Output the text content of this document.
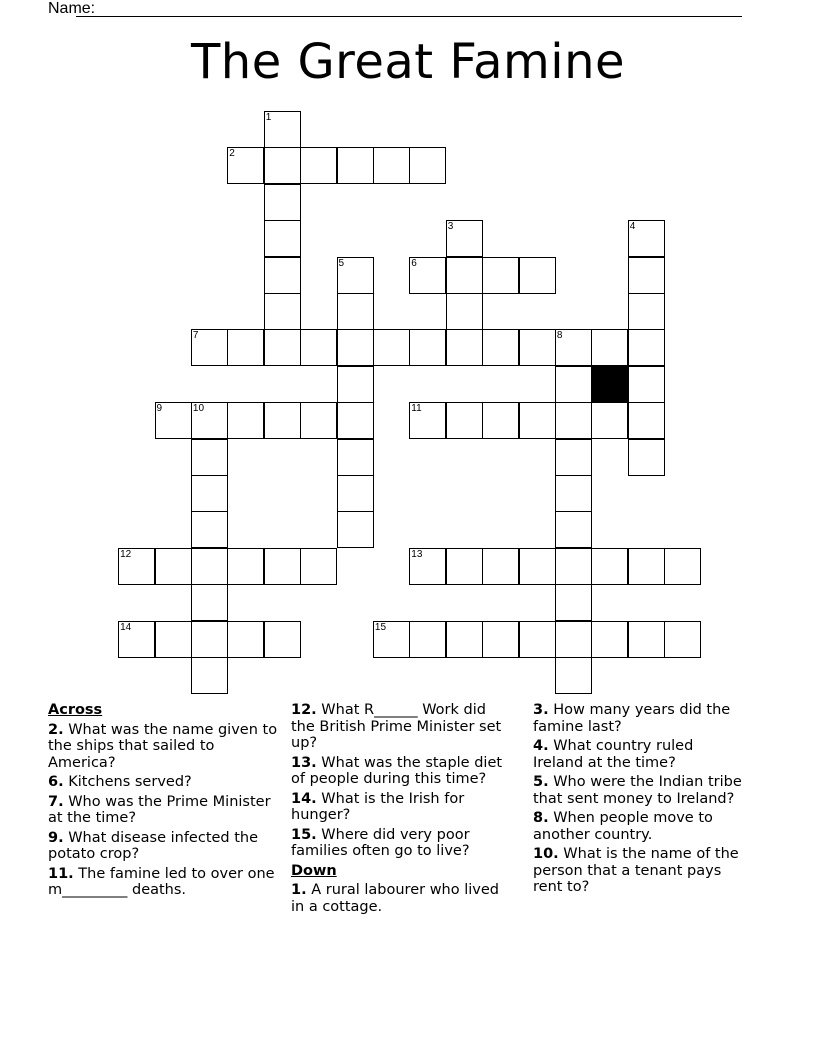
Name:
The Great Famine
1
2
3	4
5	6
7	8
9	10	11
12	13
14	15
Across
2. What was the name given to the ships that sailed to America?
6. Kitchens served?
7. Who was the Prime Minister at the time?
9. What disease infected the potato crop?
11. The famine led to over one m_________ deaths.
12. What R______ Work did the British Prime Minister set up?
13. What was the staple diet of people during this time?
14. What is the Irish for hunger?
15. Where did very poor families often go to live?
Down
1. A rural labourer who lived in a cottage.
3. How many years did the famine last?
4. What country ruled Ireland at the time?
5. Who were the Indian tribe that sent money to Ireland?
8. When people move to another country.
10. What is the name of the person that a tenant pays rent to?
